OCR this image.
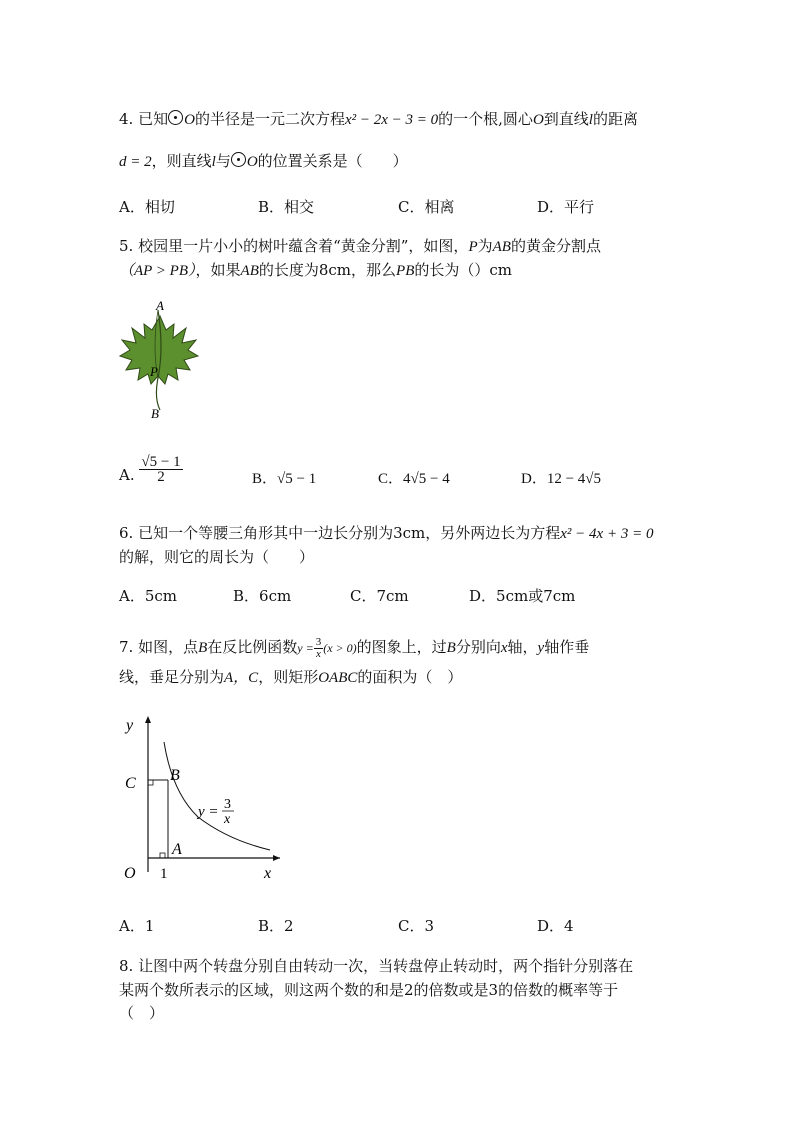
4. 已知 O的半径是一元二次方程x² − 2x − 3 = 0的一个根,圆心O到直线l的距离
d = 2，则直线l与 O的位置关系是（　　）
A．相切	B．相交	C．相离	D．平行
5. 校园里一片小小的树叶蕴含着“黄金分割”，如图，P为AB的黄金分割点
（AP > PB），如果AB的长度为8cm，那么PB的长为（）cm
A
P
B
A. $\frac{√5 - 1}{2}$	B．√5 − 1	C．4√5 − 4	D．12 − 4√5
6. 已知一个等腰三角形其中一边长分别为3cm，另外两边长为方程x² − 4x + 3 = 0
的解，则它的周长为（　　）
A．5cm	B．6cm	C．7cm	D．5cm或7cm
7. 如图，点B在反比例函数$y = \frac{3}{x} (x > 0)$的图象上，过B分别向x轴，y轴作垂
线，垂足分别为A，C，则矩形OABC的面积为（　）
y
x
O 1
C B
A
y = 3
x
A．1	B．2	C．3	D．4
8. 让图中两个转盘分别自由转动一次，当转盘停止转动时，两个指针分别落在
某两个数所表示的区域，则这两个数的和是2的倍数或是3的倍数的概率等于
（　）
